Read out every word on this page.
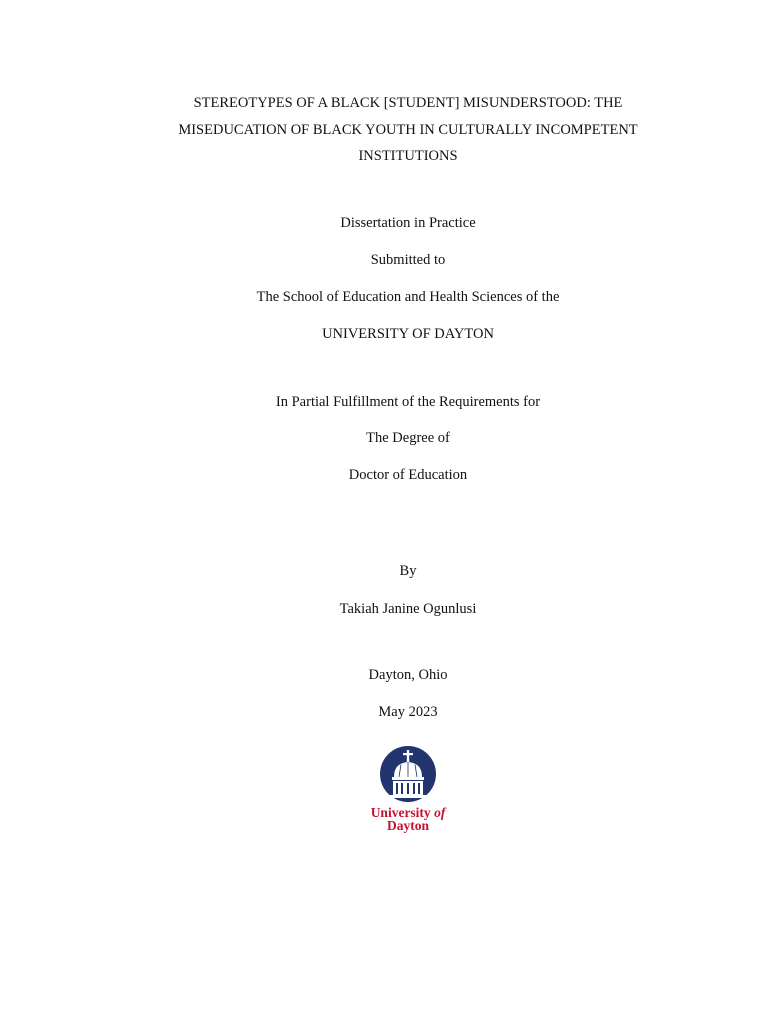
STEREOTYPES OF A BLACK [STUDENT] MISUNDERSTOOD: THE
MISEDUCATION OF BLACK YOUTH IN CULTURALLY INCOMPETENT
INSTITUTIONS
Dissertation in Practice
Submitted to
The School of Education and Health Sciences of the
UNIVERSITY OF DAYTON
In Partial Fulfillment of the Requirements for
The Degree of
Doctor of Education
By
Takiah Janine Ogunlusi
Dayton, Ohio
May 2023
University of
Dayton
